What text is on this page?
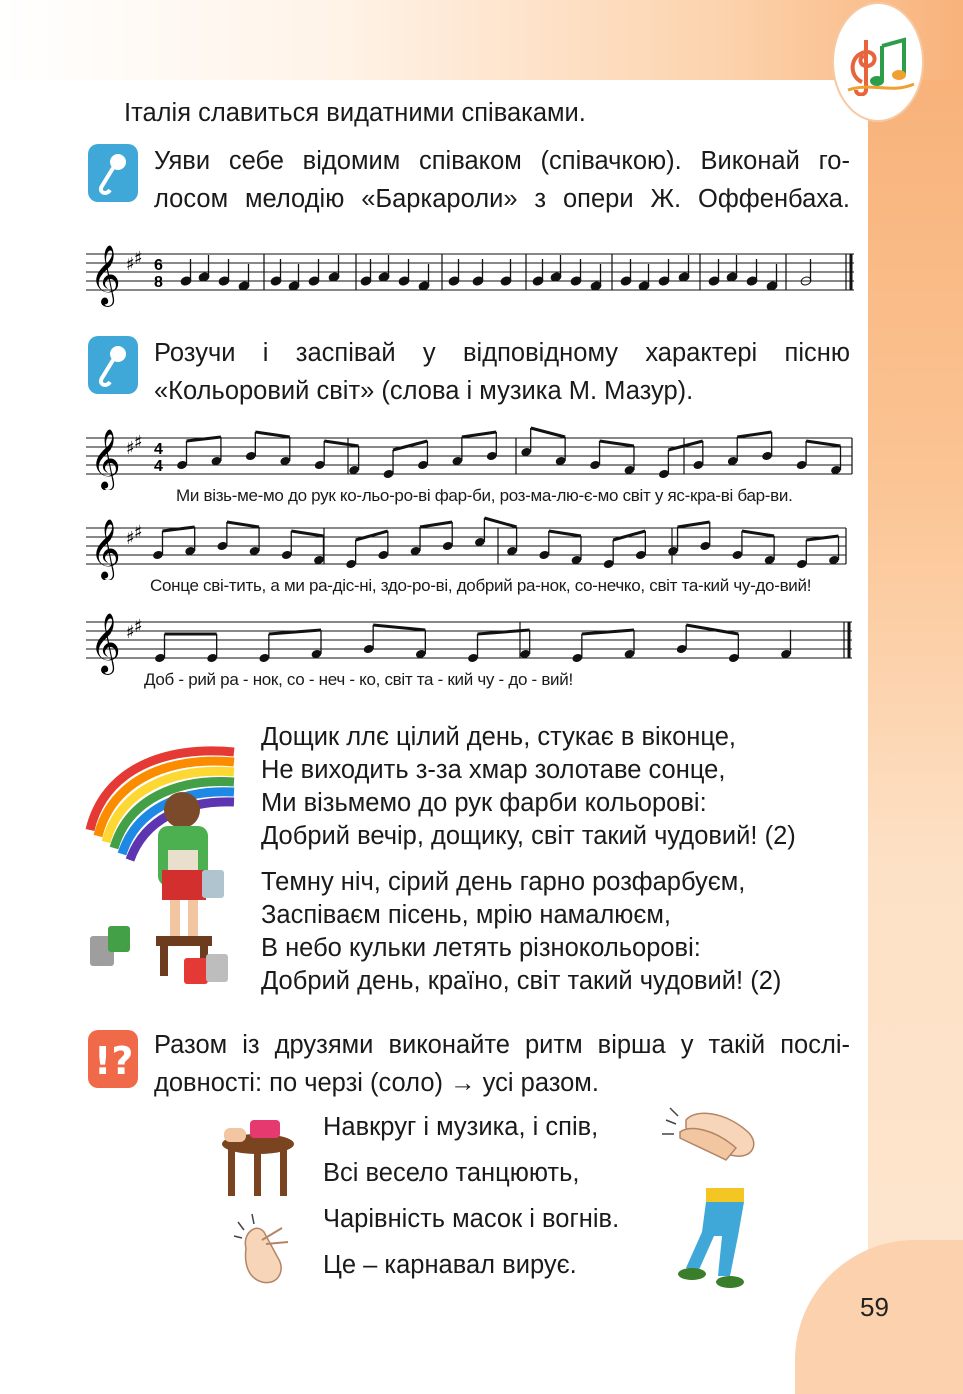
59
Італія славиться видатними співаками.
Уяви себе відомим співаком (співачкою). Виконай го-
лосом мелодію «Баркароли» з опери Ж. Оффенбаха.
𝄞 ♯ ♯ 6
8
Розучи і заспівай у відповідному характері пісню
«Кольоровий світ» (слова і музика М. Мазур).
𝄞 ♯ ♯ 4
4
Ми візь-ме-мо до рук ко-льо-ро-ві фар-би, роз-ма-лю-є-мо світ у яс-кра-ві бар-ви.
𝄞 ♯ ♯
Сонце сві-тить, а ми ра-діс-ні, здо-ро-ві, добрий ра-нок, со-нечко, світ та-кий чу-до-вий!
𝄞 ♯ ♯
Доб - рий ра - нок, со - неч - ко, світ та - кий чу - до - вий!
Дощик ллє цілий день, стукає в віконце,
Не виходить з-за хмар золотаве сонце,
Ми візьмемо до рук фарби кольорові:
Добрий вечір, дощику, світ такий чудовий! (2)
Темну ніч, сірий день гарно розфарбуєм,
Заспіваєм пісень, мрію намалюєм,
В небо кульки летять різнокольорові:
Добрий день, країно, світ такий чудовий! (2)
!? Разом із друзями виконайте ритм вірша у такій послі-
довності: по черзі (соло) → усі разом.
Навкруг і музика, і спів,
Всі весело танцюють,
Чарівність масок і вогнів.
Це – карнавал вирує.
